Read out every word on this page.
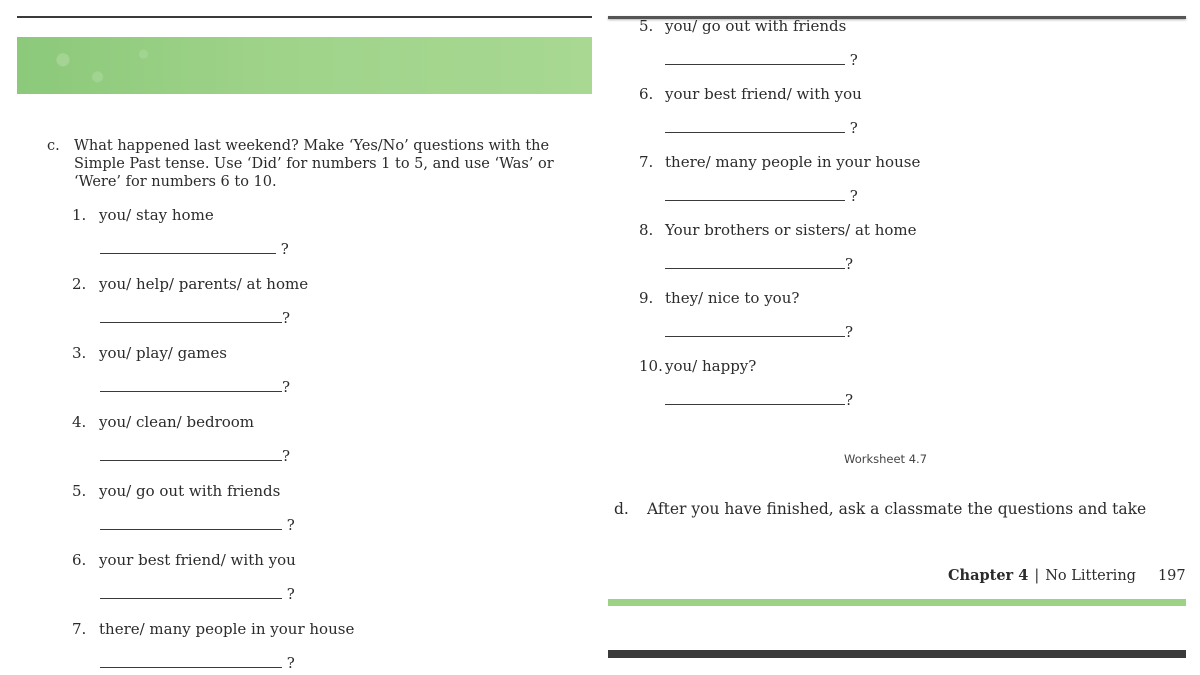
c. What happened last weekend? Make ‘Yes/No’ questions with the Simple Past tense. Use ‘Did’ for numbers 1 to 5, and use ‘Was’ or ‘Were’ for numbers 6 to 10.
1. you/ stay home
?
2. you/ help/ parents/ at home
?
3. you/ play/ games
?
4. you/ clean/ bedroom
?
5. you/ go out with friends
?
6. your best friend/ with you
?
7. there/ many people in your house
?
5. you/ go out with friends
?
6. your best friend/ with you
?
7. there/ many people in your house
?
8. Your brothers or sisters/ at home
?
9. they/ nice to you?
?
10. you/ happy?
?
Worksheet 4.7
d. After you have finished, ask a classmate the questions and take
Chapter 4 | No Littering 197
